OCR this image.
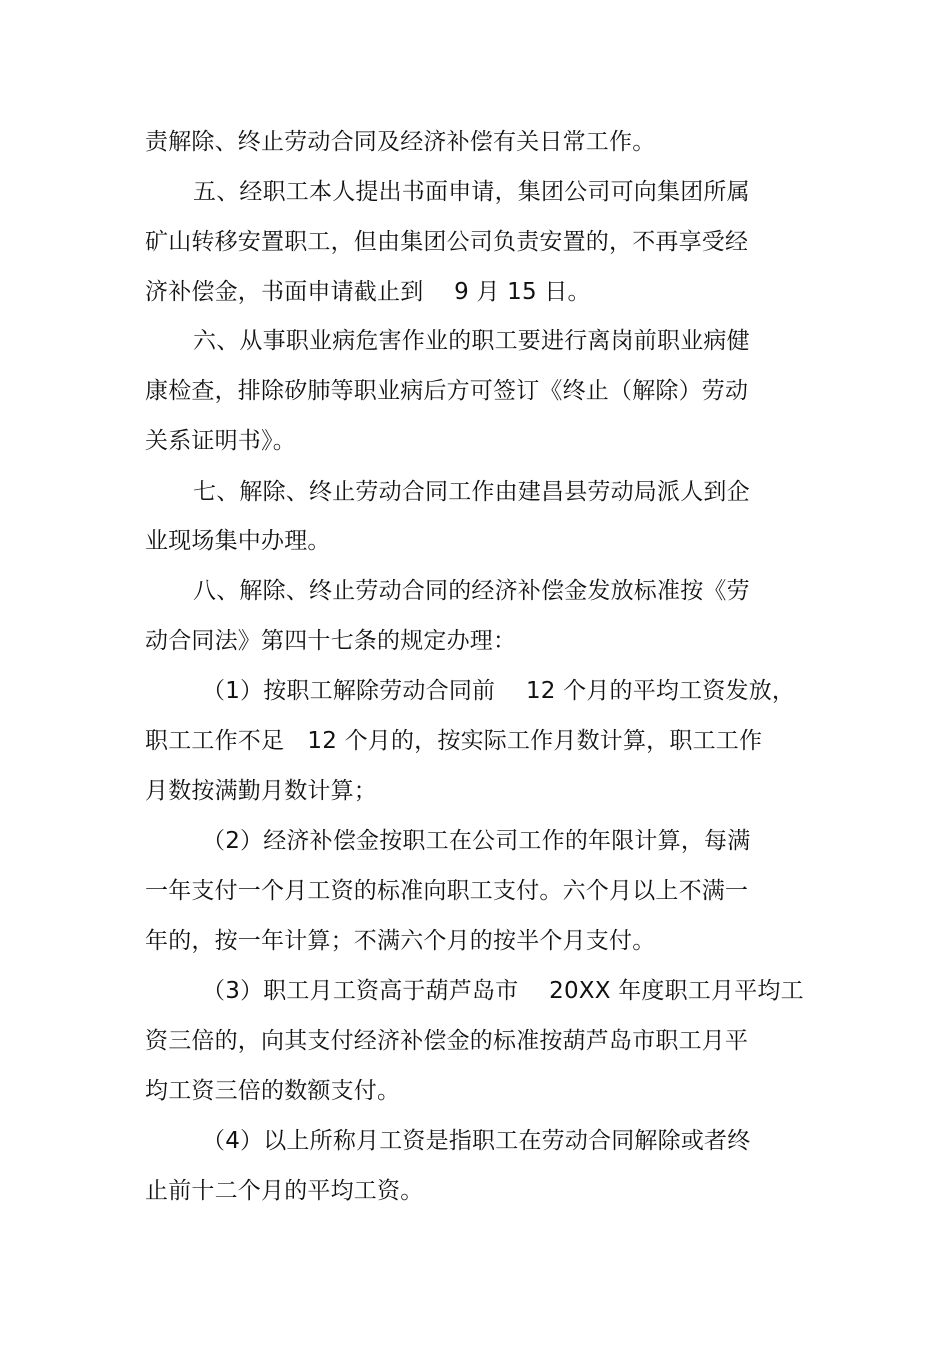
责解除、终止劳动合同及经济补偿有关日常工作。
五、经职工本人提出书面申请，集团公司可向集团所属
矿山转移安置职工，但由集团公司负责安置的，不再享受经
济补偿金，书面申请截止到　 9 月 15 日。
六、从事职业病危害作业的职工要进行离岗前职业病健
康检查，排除矽肺等职业病后方可签订《终止（解除）劳动
关系证明书》。
七、解除、终止劳动合同工作由建昌县劳动局派人到企
业现场集中办理。
八、解除、终止劳动合同的经济补偿金发放标准按《劳
动合同法》第四十七条的规定办理：
（1）按职工解除劳动合同前　 12 个月的平均工资发放，
职工工作不足　12 个月的，按实际工作月数计算，职工工作
月数按满勤月数计算；
（2）经济补偿金按职工在公司工作的年限计算，每满
一年支付一个月工资的标准向职工支付。六个月以上不满一
年的，按一年计算；不满六个月的按半个月支付。
（3）职工月工资高于葫芦岛市　 20XX 年度职工月平均工
资三倍的，向其支付经济补偿金的标准按葫芦岛市职工月平
均工资三倍的数额支付。
（4）以上所称月工资是指职工在劳动合同解除或者终
止前十二个月的平均工资。
